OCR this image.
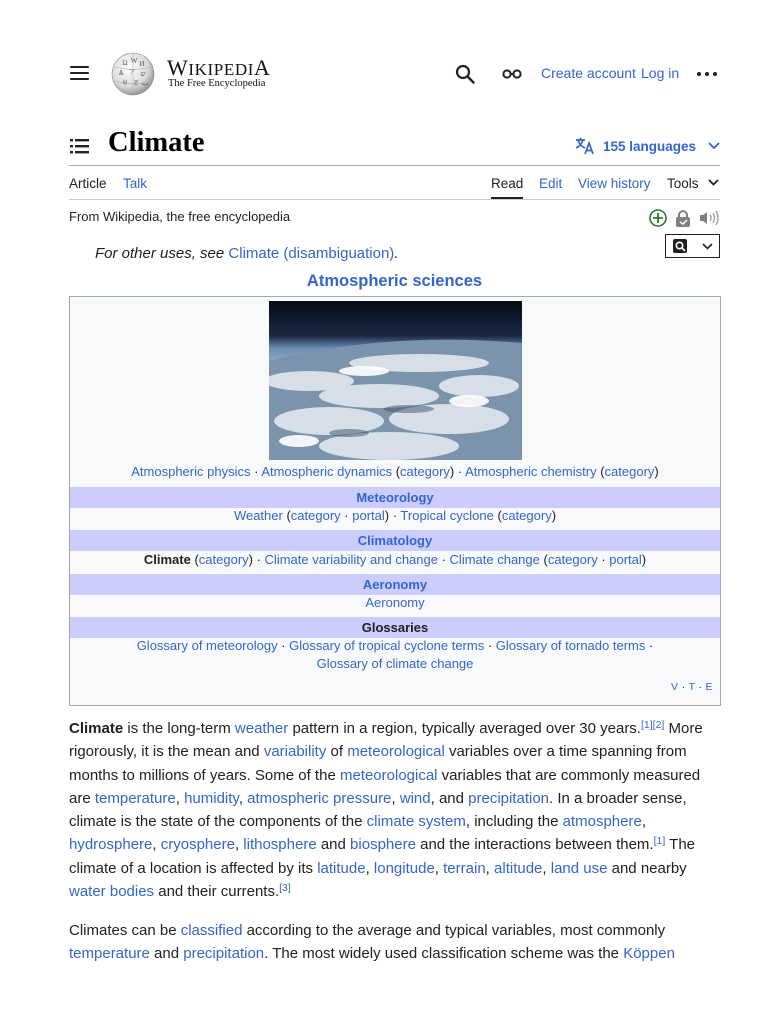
Ω W И
Ѧ ア ש
ψ ह ب
WIKIPEDIA
The Free Encyclopedia
Create account Log in
Climate	155 languages
Article Talk	Read Edit View history Tools
From Wikipedia, the free encyclopedia
For other uses, see Climate (disambiguation).
Atmospheric sciences
Atmospheric physics · Atmospheric dynamics (category) · Atmospheric chemistry (category)
Meteorology
Weather (category · portal) · Tropical cyclone (category)
Climatology
Climate (category) · Climate variability and change · Climate change (category · portal)
Aeronomy
Aeronomy
Glossaries
Glossary of meteorology · Glossary of tropical cyclone terms · Glossary of tornado terms ·
Glossary of climate change
V · T · E

Climate is the long-term weather pattern in a region, typically averaged over 30 years.[1][2] More rigorously, it is the mean and variability of meteorological variables over a time spanning from months to millions of years. Some of the meteorological variables that are commonly measured are temperature, humidity, atmospheric pressure, wind, and precipitation. In a broader sense, climate is the state of the components of the climate system, including the atmosphere, hydrosphere, cryosphere, lithosphere and biosphere and the interactions between them.[1] The climate of a location is affected by its latitude, longitude, terrain, altitude, land use and nearby water bodies and their currents.[3]

Climates can be classified according to the average and typical variables, most commonly temperature and precipitation. The most widely used classification scheme was the Köppen
